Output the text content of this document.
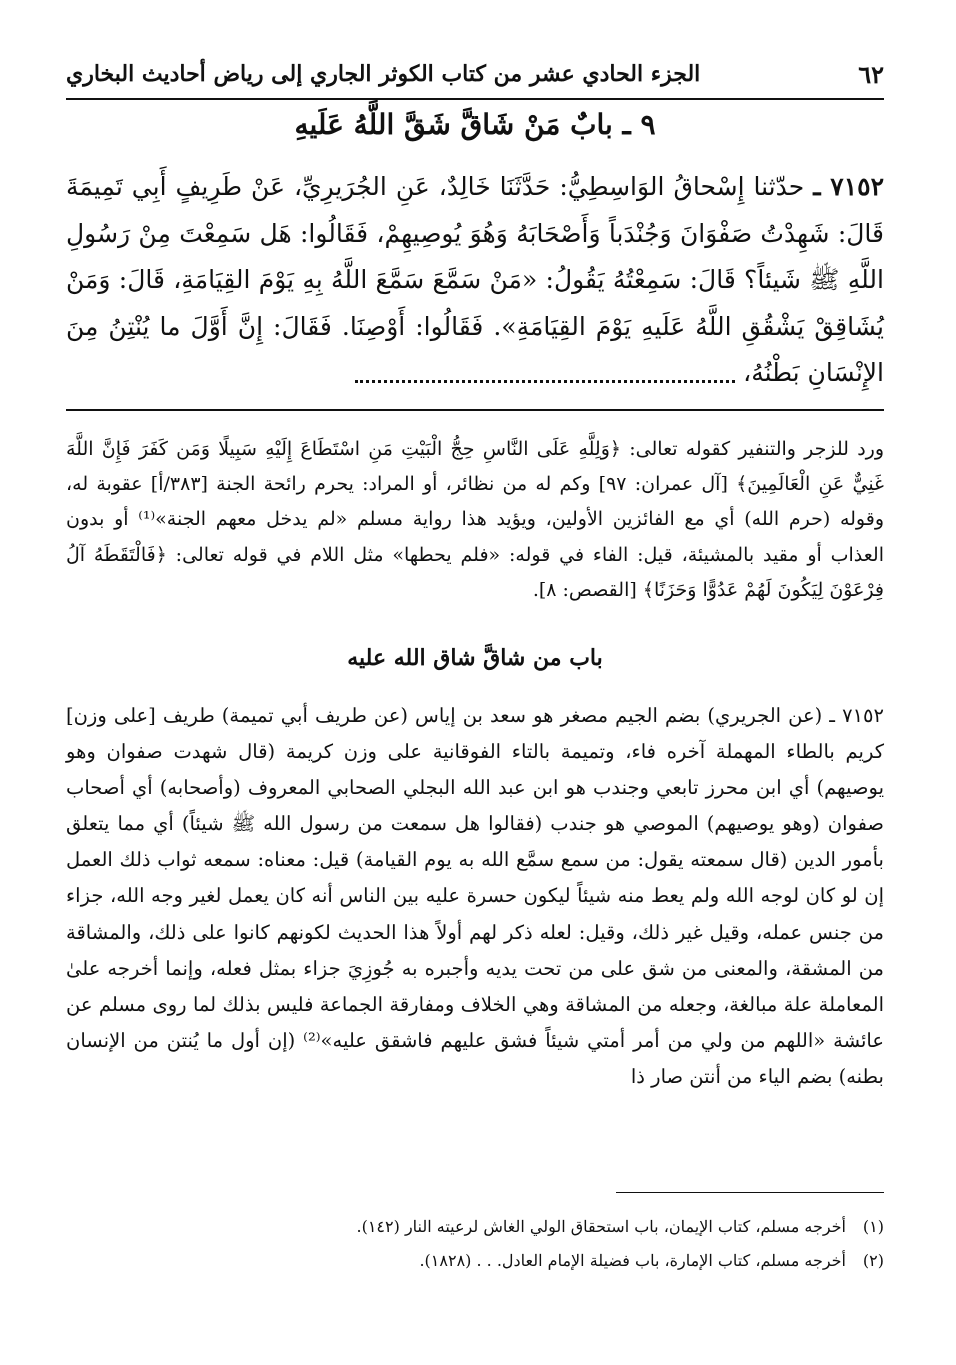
٦٢
الجزء الحادي عشر من كتاب الكوثر الجاري إلى رياض أحاديث البخاري
٩ ـ بابٌ مَنْ شَاقَّ شَقَّ اللَّهُ عَلَيهِ

٧١٥٢ ـ حدّثنا إِسْحاقُ الوَاسِطِيُّ: حَدَّثَنَا خَالِدٌ، عَنِ الجُرَيرِيِّ، عَنْ طَرِيفٍ أَبِي تَمِيمَةَ قَالَ: شَهِدْتُ صَفْوَانَ وَجُنْدَباً وَأَصْحَابَهُ وَهُوَ يُوصِيهِمْ، فَقَالُوا: هَل سَمِعْتَ مِنْ رَسُولِ اللَّهِ ﷺ شَيئاً؟ قَالَ: سَمِعْتُهُ يَقُولُ: «مَنْ سَمَّعَ سَمَّعَ اللَّهُ بِهِ يَوْمَ القِيَامَةِ، قَالَ: وَمَنْ يُشَاقِقْ يَشْقُقِ اللَّهُ عَلَيهِ يَوْمَ القِيَامَةِ». فَقَالُوا: أَوْصِنَا. فَقَالَ: إِنَّ أَوَّلَ ما يُنْتِنُ مِنَ الإِنْسَانِ بَطْنُهُ،

ورد للزجر والتنفير كقوله تعالى: ﴿وَلِلَّهِ عَلَى النَّاسِ حِجُّ الْبَيْتِ مَنِ اسْتَطَاعَ إِلَيْهِ سَبِيلًا وَمَن كَفَرَ فَإِنَّ اللَّهَ غَنِيٌّ عَنِ الْعَالَمِينَ﴾ [آل عمران: ٩٧] وكم له من نظائر، أو المراد: يحرم رائحة الجنة [٣٨٣/أ] عقوبة له، وقوله (حرم الله) أي مع الفائزين الأولين، ويؤيد هذا رواية مسلم «لم يدخل معهم الجنة»⁽¹⁾ أو بدون العذاب أو مقيد بالمشيئة، قيل: الفاء في قوله: «فلم يحطها» مثل اللام في قوله تعالى: ﴿فَالْتَقَطَهُ آلُ فِرْعَوْنَ لِيَكُونَ لَهُمْ عَدُوًّا وَحَزَنًا﴾ [القصص: ٨].

باب من شاقَّ شاق الله عليه

٧١٥٢ ـ (عن الجريري) بضم الجيم مصغر هو سعد بن إياس (عن طريف أبي تميمة) طريف [على وزن] كريم بالطاء المهملة آخره فاء، وتميمة بالتاء الفوقانية على وزن كريمة (قال شهدت صفوان وهو يوصيهم) أي ابن محرز تابعي وجندب هو ابن عبد الله البجلي الصحابي المعروف (وأصحابه) أي أصحاب صفوان (وهو يوصيهم) الموصي هو جندب (فقالوا هل سمعت من رسول الله ﷺ شيئاً) أي مما يتعلق بأمور الدين (قال سمعته يقول: من سمع سمَّع الله به يوم القيامة) قيل: معناه: سمعه ثواب ذلك العمل إن لو كان لوجه الله ولم يعط منه شيئاً ليكون حسرة عليه بين الناس أنه كان يعمل لغير وجه الله، جزاء من جنس عمله، وقيل غير ذلك، وقيل: لعله ذكر لهم أولاً هذا الحديث لكونهم كانوا على ذلك، والمشاقة من المشقة، والمعنى من شق على من تحت يديه وأجبره به جُوزِيَ جزاء بمثل فعله، وإنما أخرجه علىٰ المعاملة علة مبالغة، وجعله من المشاقة وهي الخلاف ومفارقة الجماعة فليس بذلك لما روى مسلم عن عائشة «اللهم من ولي من أمر أمتي شيئاً فشق عليهم فاشقق عليه»⁽²⁾ (إن أول ما يُنتن من الإنسان بطنه) بضم الياء من أنتن صار ذا

(١)
أخرجه مسلم، كتاب الإيمان، باب استحقاق الولي الغاش لرعيته النار (١٤٢).
(٢)
أخرجه مسلم، كتاب الإمارة، باب فضيلة الإمام العادل. . . (١٨٢٨).
